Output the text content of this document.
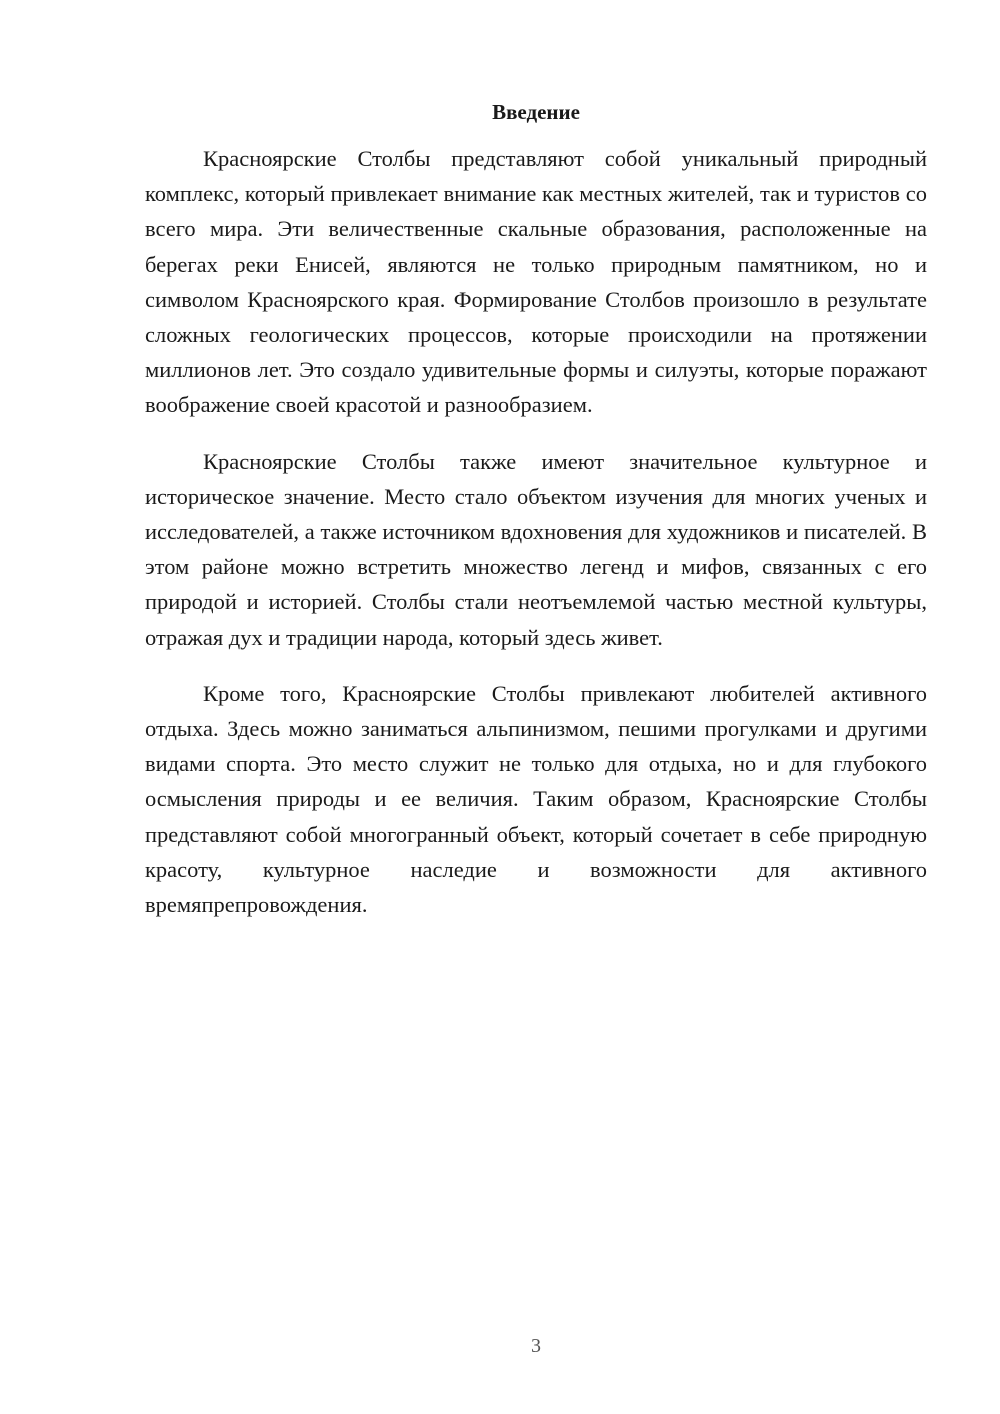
Введение

Красноярские Столбы представляют собой уникальный природный комплекс, который привлекает внимание как местных жителей, так и туристов со всего мира. Эти величественные скальные образования, расположенные на берегах реки Енисей, являются не только природным памятником, но и символом Красноярского края. Формирование Столбов произошло в результате сложных геологических процессов, которые происходили на протяжении миллионов лет. Это создало удивительные формы и силуэты, которые поражают воображение своей красотой и разнообразием.

Красноярские Столбы также имеют значительное культурное и историческое значение. Место стало объектом изучения для многих ученых и исследователей, а также источником вдохновения для художников и писателей. В этом районе можно встретить множество легенд и мифов, связанных с его природой и историей. Столбы стали неотъемлемой частью местной культуры, отражая дух и традиции народа, который здесь живет.

Кроме того, Красноярские Столбы привлекают любителей активного отдыха. Здесь можно заниматься альпинизмом, пешими прогулками и другими видами спорта. Это место служит не только для отдыха, но и для глубокого осмысления природы и ее величия. Таким образом, Красноярские Столбы представляют собой многогранный объект, который сочетает в себе природную красоту, культурное наследие и возможности для активного времяпрепровождения.

3
